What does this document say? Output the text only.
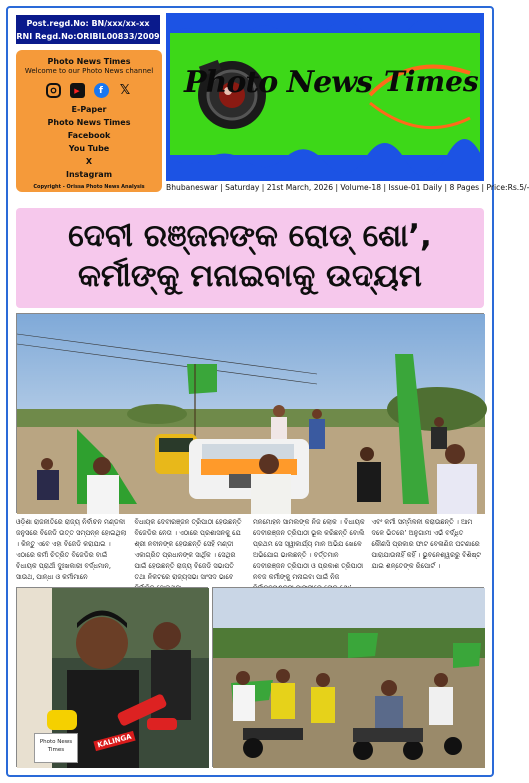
Post.regd.No: BN/xxx/xx-xx
RNI Regd.No:ORIBIL00833/2009
Photo News Times
Welcome to our Photo News channel
▶	f	𝕏
E-Paper
Photo News Times
Facebook
You Tube
X
Instagram
Copyright - Orissa Photo News Analysis
Photo News Times
Bhubaneswar | Saturday | 21st March, 2026 | Volume-18 | Issue-01 Daily | 8 Pages | Price:Rs.5/-
ଦେବୀ ରଞ୍ଜନଙ୍କ ରୋଡ୍ ଶୋ’,
କର୍ମୀଙ୍କୁ ମନାଇବାକୁ ଉଦ୍ୟମ
ଓଡ଼ିଶା ରାଜନୀତିରେ ରାଜ୍ୟ ନିର୍ବାଚନ ମଣ୍ଡଳୀ ଜନୁସରେ ବିଜେଡି ଉତ୍ତ ସମ୍ପନ୍ନ ହୋଇଥିଲା । କିନ୍ତୁ ଏବେ ଏହା ବିଜେଡି କରାଯାଇ । ଏଠାରେ କର୍ମୀ ଚିତ୍ରିତ ବିଜେଡିର ବାଇଁ ବିଧାୟକ ପ୍ରାର୍ଥୀ ଦୁଃଖକାରୀ ବର୍ଦ୍ଧମାନ, ସାଉଥ, ପାନ୍ଧା ଓ କର୍ମୀମାନେ
ବିଧାୟକ ଦେବୀରଞ୍ଜନ ତ୍ରିପାଠୀ ହେଉଛନ୍ତି ବିଜେଡିର ନେତା । ଏଠାରେ ପ୍ରଶାସନକୁ ଯେ ଶ୍ରୀ ନବୀନଙ୍କ ହେଉଛନ୍ତି ସେହି ମଣ୍ଡୀ ଏକାଗ୍ରିତ ପ୍ରଧାନଙ୍କ ସାର୍ଥିକ । ସେଥିର ପାଇଁ ହେଉଛନ୍ତି ରାଜ୍ୟ ବିଜେଡି ସଭାପତି ତଥା ନିକଟରେ ରାଜ୍ୟସଭା ସାଂସଦ ଭାବେ
ମନମୋହନ ସାମଲଙ୍କ ନିଜ ଲୋକ । ବିଧାୟକ ଦେବୀରଞ୍ଜନ ତ୍ରିପାଠୀ ଭୂଲ କରିଛନ୍ତି ବୋଲି ପ୍ରଥମ ସେ ସ୍ୱୀକାର୍ଯ୍ୟ ମାନ ଅଭିଯ ଖେଳେ ଅଭିଯୋଗ ଭାଲଛନ୍ତି । ବର୍ତ୍ତମାନ ଦେବୀରଞ୍ଜନ ତ୍ରିପାଠୀ ଓ ପ୍ରକାଶ ତ୍ରିପାଠୀ ନବଜ କର୍ମୀଙ୍କୁ ମନାଇବା ପାଇଁ ନିଜ
ଏବଂ କର୍ମୀ ସମ୍ମିଳନୀ କରାଉଛନ୍ତି । ଆମ ଦଳେ ଭିତରେ’ ଅନୁଗାମୀ ଏଭଁ ବର୍ଦ୍ଧିତ କୌଣସି ପ୍ରକାର ଫାଟ ବେଳାଣିଜ ଘଟଣାରେ ପାରାଯାଉନାହିଁ କହିଁ । ଭୁବନେଶ୍ୱରରୁ ବିଶିଷ୍ଟ ଯାଇ ଶନ୍ତେଙ୍କ ରିପୋର୍ଟ ।
Photo News
Times
KALINGA
